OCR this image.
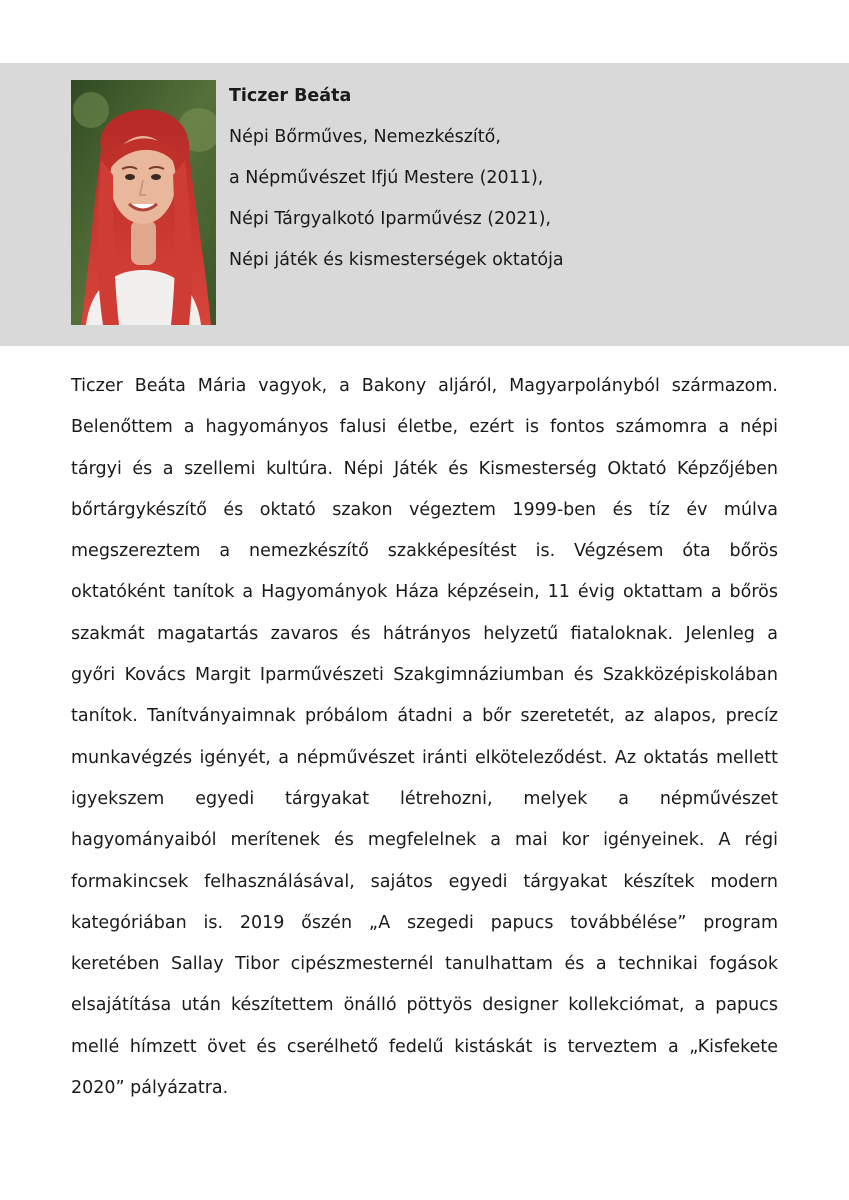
Ticzer Beáta
Népi Bőrműves, Nemezkészítő,
a Népművészet Ifjú Mestere (2011),
Népi Tárgyalkotó Iparművész (2021),
Népi játék és kismesterségek oktatója
Ticzer Beáta Mária vagyok, a Bakony aljáról, Magyarpolányból származom.
Belenőttem a hagyományos falusi életbe, ezért is fontos számomra a népi
tárgyi és a szellemi kultúra. Népi Játék és Kismesterség Oktató Képzőjében
bőrtárgykészítő és oktató szakon végeztem 1999-ben és tíz év múlva
megszereztem a nemezkészítő szakképesítést is. Végzésem óta bőrös
oktatóként tanítok a Hagyományok Háza képzésein, 11 évig oktattam a bőrös
szakmát magatartás zavaros és hátrányos helyzetű fiataloknak. Jelenleg a
győri Kovács Margit Iparművészeti Szakgimnáziumban és Szakközépiskolában
tanítok. Tanítványaimnak próbálom átadni a bőr szeretetét, az alapos, precíz
munkavégzés igényét, a népművészet iránti elköteleződést. Az oktatás mellett
igyekszem egyedi tárgyakat létrehozni, melyek a népművészet
hagyományaiból merítenek és megfelelnek a mai kor igényeinek. A régi
formakincsek felhasználásával, sajátos egyedi tárgyakat készítek modern
kategóriában is. 2019 őszén „A szegedi papucs továbbélése” program
keretében Sallay Tibor cipészmesternél tanulhattam és a technikai fogások
elsajátítása után készítettem önálló pöttyös designer kollekciómat, a papucs
mellé hímzett övet és cserélhető fedelű kistáskát is terveztem a „Kisfekete
2020” pályázatra.
